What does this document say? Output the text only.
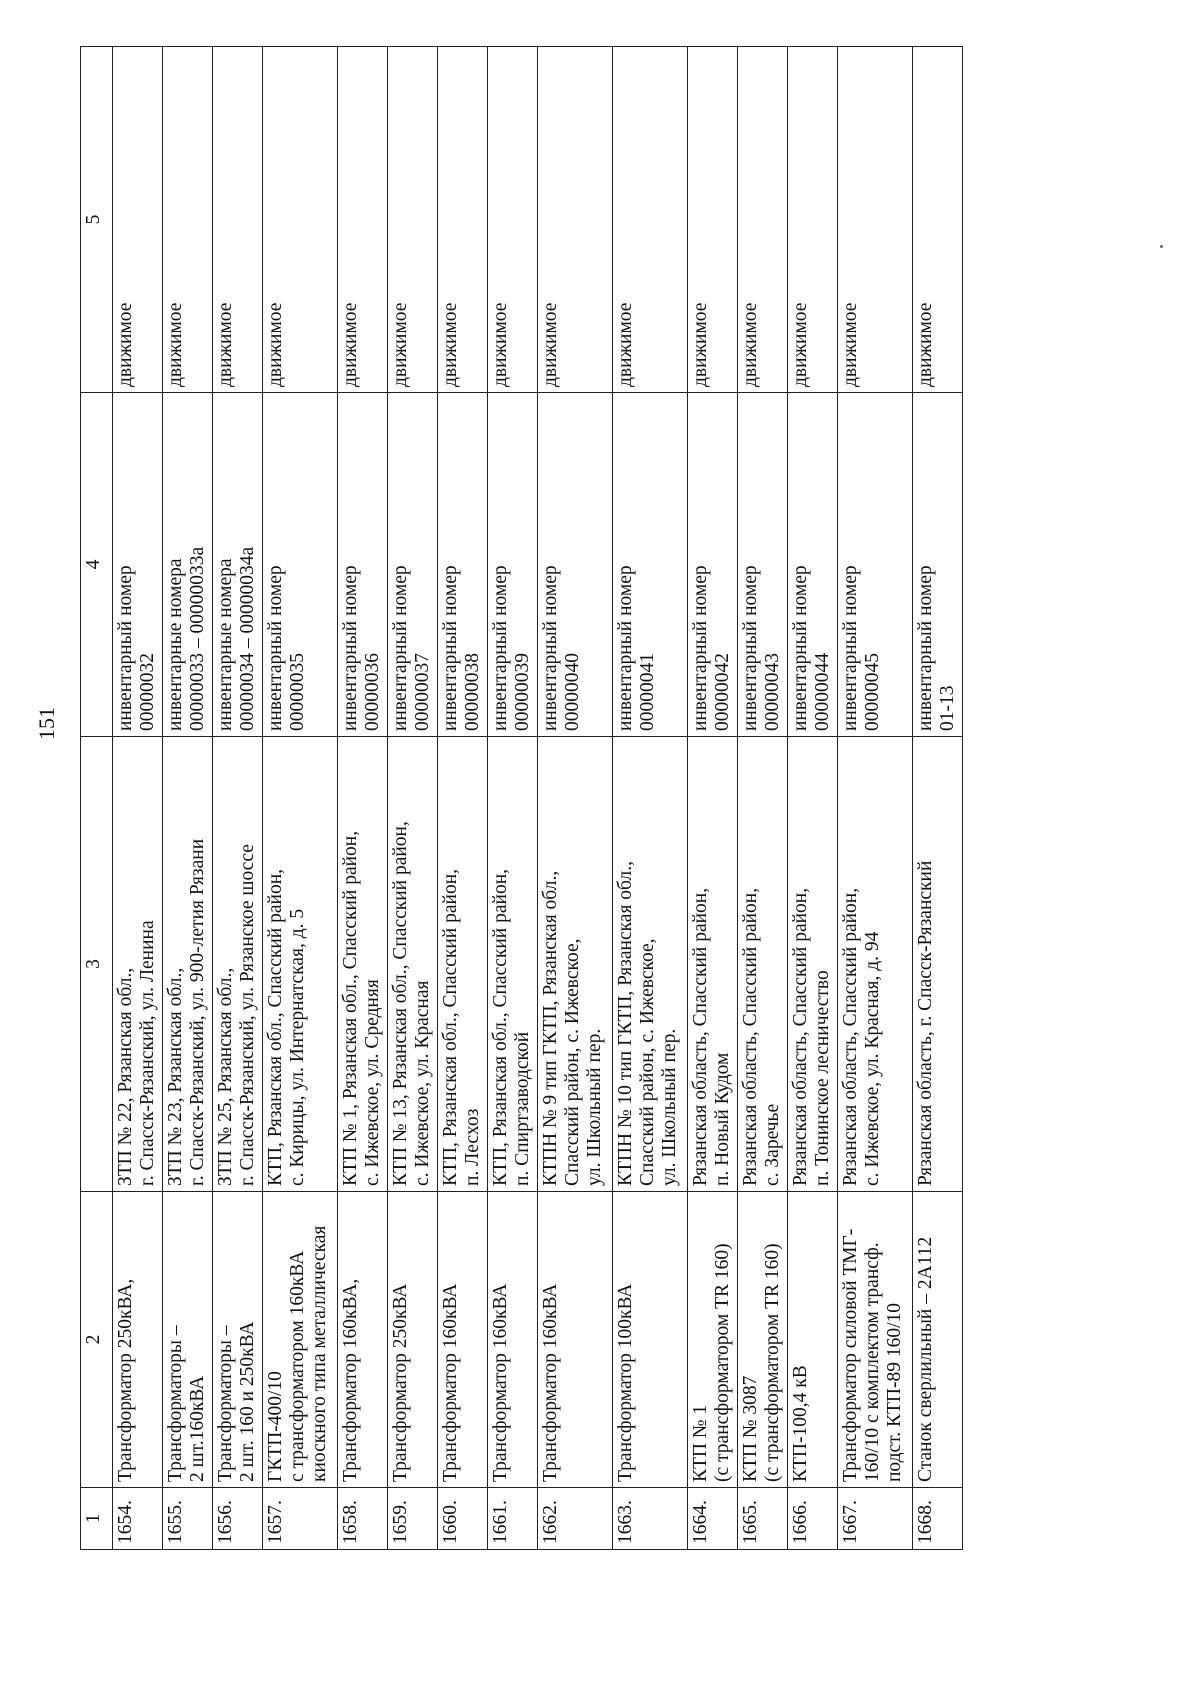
151
1	2	3	4	5
1654.	Трансформатор 250кВА,	ЗТП № 22, Рязанская обл.,
г. Спасск-Рязанский, ул. Ленина	инвентарный номер
00000032	движимое
1655.	Трансформаторы –
2 шт.160кВА	ЗТП № 23, Рязанская обл.,
г. Спасск-Рязанский, ул. 900-летия Рязани	инвентарные номера
00000033 – 00000033а	движимое
1656.	Трансформаторы –
2 шт. 160 и 250кВА	ЗТП № 25, Рязанская обл.,
г. Спасск-Рязанский, ул. Рязанское шоссе	инвентарные номера
00000034 – 00000034а	движимое
1657.	ГКТП-400/10
с трансформатором 160кВА
киоскного типа металлическая	КТП, Рязанская обл., Спасский район,
с. Кирицы, ул. Интернатская, д. 5	инвентарный номер
00000035	движимое
1658.	Трансформатор 160кВА,	КТП № 1, Рязанская обл., Спасский район,
с. Ижевское, ул. Средняя	инвентарный номер
00000036	движимое
1659.	Трансформатор 250кВА	КТП № 13, Рязанская обл., Спасский район,
с. Ижевское, ул. Красная	инвентарный номер
00000037	движимое
1660.	Трансформатор 160кВА	КТП, Рязанская обл., Спасский район,
п. Лесхоз	инвентарный номер
00000038	движимое
1661.	Трансформатор 160кВА	КТП, Рязанская обл., Спасский район,
п. Спиртзаводской	инвентарный номер
00000039	движимое
1662.	Трансформатор 160кВА	КТПН № 9 тип ГКТП, Рязанская обл.,
Спасский район, с. Ижевское,
ул. Школьный пер.	инвентарный номер
00000040	движимое
1663.	Трансформатор 100кВА	КТПН № 10 тип ГКТП, Рязанская обл.,
Спасский район, с. Ижевское,
ул. Школьный пер.	инвентарный номер
00000041	движимое
1664.	КТП № 1
(с трансформатором TR 160)	Рязанская область, Спасский район,
п. Новый Кудом	инвентарный номер
00000042	движимое
1665.	КТП № 3087
(с трансформатором TR 160)	Рязанская область, Спасский район,
с. Заречье	инвентарный номер
00000043	движимое
1666.	КТП-100,4 кВ	Рязанская область, Спасский район,
п. Тонинское лесничество	инвентарный номер
00000044	движимое
1667.	Трансформатор силовой ТМГ-
160/10 с комплектом трансф.
подст. КТП-89 160/10	Рязанская область, Спасский район,
с. Ижевское, ул. Красная, д. 94	инвентарный номер
00000045	движимое
1668.	Станок сверлильный – 2А112	Рязанская область, г. Спасск-Рязанский	инвентарный номер
01-13	движимое
